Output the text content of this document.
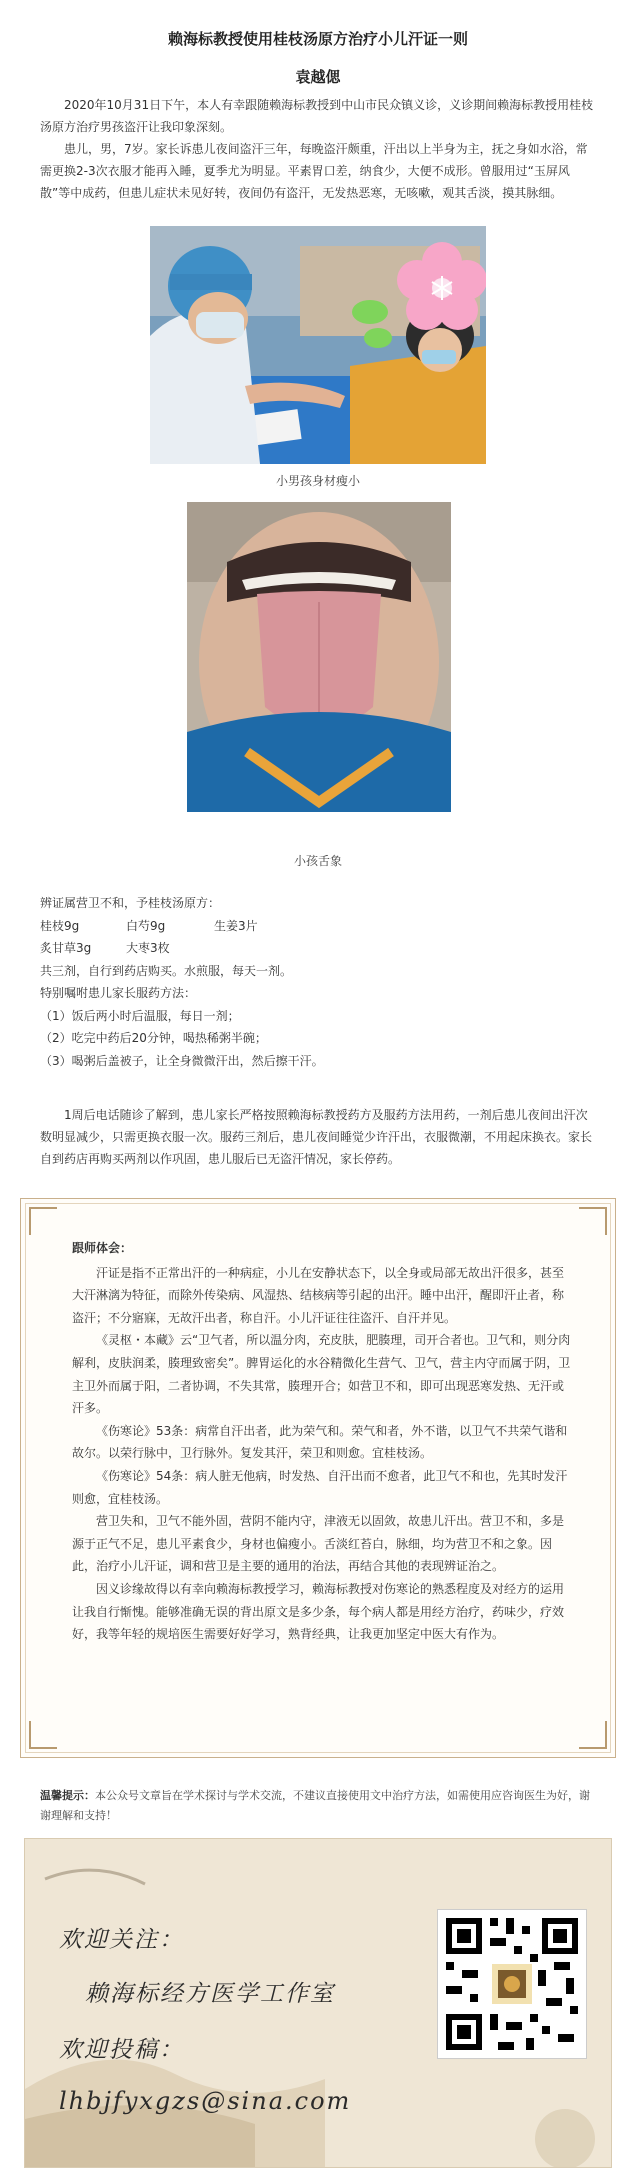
赖海标教授使用桂枝汤原方治疗小儿汗证一则
袁越偲

2020年10月31日下午，本人有幸跟随赖海标教授到中山市民众镇义诊，义诊期间赖海标教授用桂枝汤原方治疗男孩盗汗让我印象深刻。

患儿，男，7岁。家长诉患儿夜间盗汗三年，每晚盗汗颇重，汗出以上半身为主，抚之身如水浴，常需更换2-3次衣服才能再入睡，夏季尤为明显。平素胃口差，纳食少，大便不成形。曾服用过“玉屏风散”等中成药，但患儿症状未见好转，夜间仍有盗汗，无发热恶寒，无咳嗽，观其舌淡，摸其脉细。

小男孩身材瘦小
小孩舌象
辨证属营卫不和，予桂枝汤原方：
桂枝9g	白芍9g	生姜3片
炙甘草3g	大枣3枚
共三剂，自行到药店购买。水煎服，每天一剂。
特别嘱咐患儿家长服药方法：
（1）饭后两小时后温服，每日一剂；
（2）吃完中药后20分钟，喝热稀粥半碗；
（3）喝粥后盖被子，让全身微微汗出，然后擦干汗。

1周后电话随诊了解到，患儿家长严格按照赖海标教授药方及服药方法用药，一剂后患儿夜间出汗次数明显减少，只需更换衣服一次。服药三剂后，患儿夜间睡觉少许汗出，衣服微潮，不用起床换衣。家长自到药店再购买两剂以作巩固，患儿服后已无盗汗情况，家长停药。

跟师体会：

汗证是指不正常出汗的一种病症，小儿在安静状态下，以全身或局部无故出汗很多，甚至大汗淋漓为特征，而除外传染病、风湿热、结核病等引起的出汗。睡中出汗，醒即汗止者，称盗汗；不分寤寐，无故汗出者，称自汗。小儿汗证往往盗汗、自汗并见。

《灵枢・本藏》云“卫气者，所以温分肉，充皮肤，肥腠理，司开合者也。卫气和，则分肉解利，皮肤润柔，腠理致密矣”。脾胃运化的水谷精微化生营气、卫气，营主内守而属于阴，卫主卫外而属于阳，二者协调，不失其常，腠理开合；如营卫不和，即可出现恶寒发热、无汗或汗多。

《伤寒论》53条：病常自汗出者，此为荣气和。荣气和者，外不谐，以卫气不共荣气谐和故尔。以荣行脉中，卫行脉外。复发其汗，荣卫和则愈。宜桂枝汤。

《伤寒论》54条：病人脏无他病，时发热、自汗出而不愈者，此卫气不和也，先其时发汗则愈，宜桂枝汤。

营卫失和，卫气不能外固，营阴不能内守，津液无以固敛，故患儿汗出。营卫不和，多是源于正气不足，患儿平素食少，身材也偏瘦小。舌淡红苔白，脉细，均为营卫不和之象。因此，治疗小儿汗证，调和营卫是主要的通用的治法，再结合其他的表现辨证治之。

因义诊缘故得以有幸向赖海标教授学习，赖海标教授对伤寒论的熟悉程度及对经方的运用让我自行惭愧。能够准确无误的背出原文是多少条，每个病人都是用经方治疗，药味少，疗效好，我等年轻的规培医生需要好好学习，熟背经典，让我更加坚定中医大有作为。

温馨提示：本公众号文章旨在学术探讨与学术交流，不建议直接使用文中治疗方法，如需使用应咨询医生为好，谢谢理解和支持！
欢迎关注：
赖海标经方医学工作室
欢迎投稿：
lhbjfyxgzs@sina.com
